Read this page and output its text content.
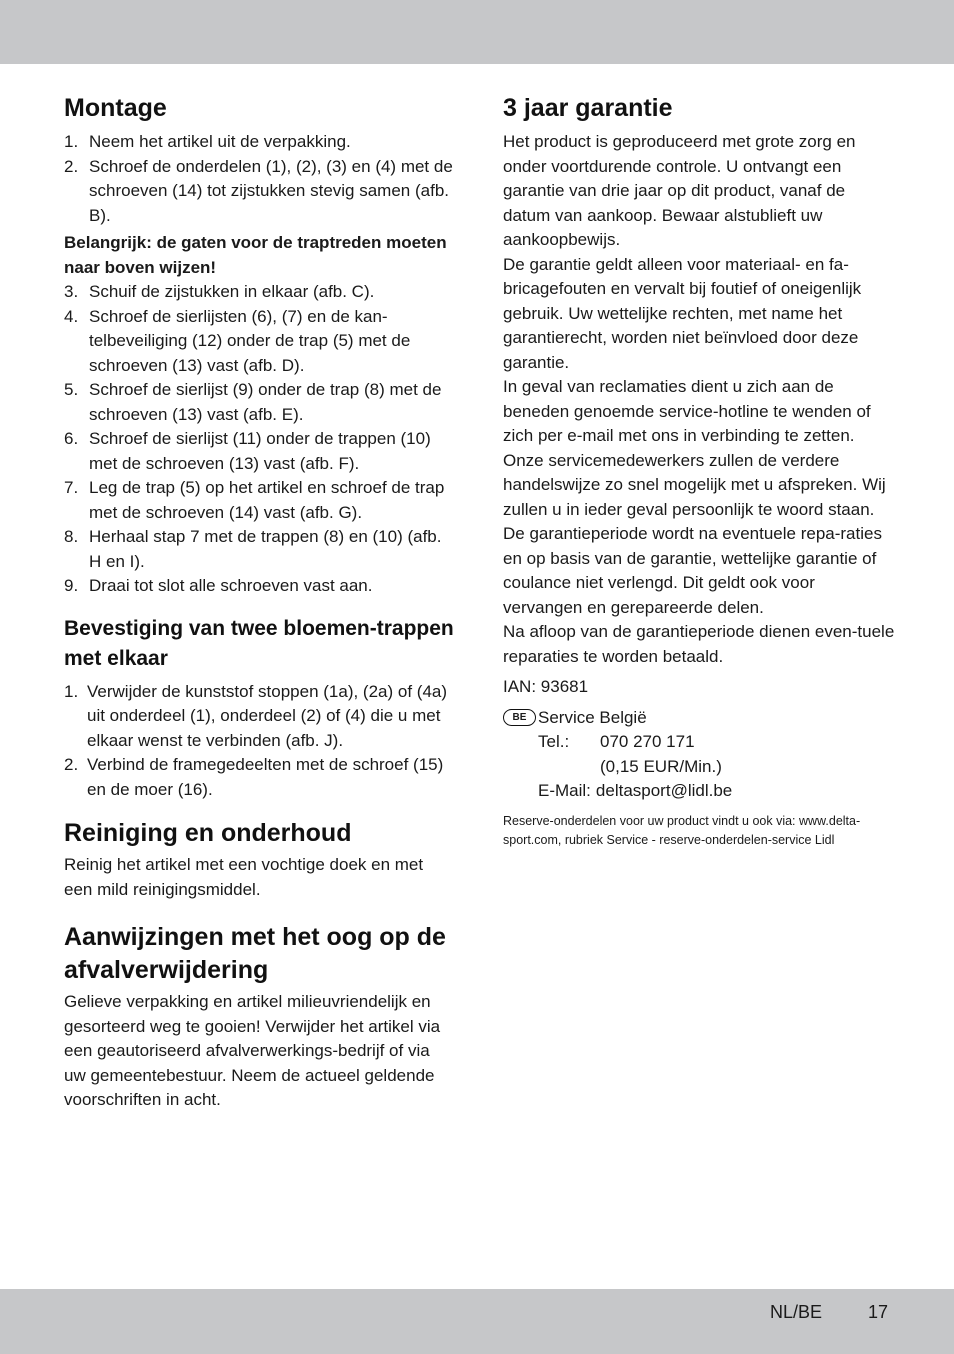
Montage
1. Neem het artikel uit de verpakking.
2. Schroef de onderdelen (1), (2), (3) en (4) met de schroeven (14) tot zijstukken stevig samen (afb. B).
Belangrijk: de gaten voor de traptreden moeten naar boven wijzen!
3. Schuif de zijstukken in elkaar (afb. C).
4. Schroef de sierlijsten (6), (7) en de kan-telbeveiliging (12) onder de trap (5) met de schroeven (13) vast (afb. D).
5. Schroef de sierlijst (9) onder de trap (8) met de schroeven (13) vast (afb. E).
6. Schroef de sierlijst (11) onder de trappen (10) met de schroeven (13) vast (afb. F).
7. Leg de trap (5) op het artikel en schroef de trap met de schroeven (14) vast (afb. G).
8. Herhaal stap 7 met de trappen (8) en (10) (afb. H en I).
9. Draai tot slot alle schroeven vast aan.
Bevestiging van twee bloemen-trappen met elkaar
1. Verwijder de kunststof stoppen (1a), (2a) of (4a) uit onderdeel (1), onderdeel (2) of (4) die u met elkaar wenst te verbinden (afb. J).
2. Verbind de framegedeelten met de schroef (15) en de moer (16).
Reiniging en onderhoud

Reinig het artikel met een vochtige doek en met een mild reinigingsmiddel.

Aanwijzingen met het oog op de afvalverwijdering

Gelieve verpakking en artikel milieuvriendelijk en gesorteerd weg te gooien! Verwijder het artikel via een geautoriseerd afvalverwerkings-bedrijf of via uw gemeentebestuur. Neem de actueel geldende voorschriften in acht.

3 jaar garantie

Het product is geproduceerd met grote zorg en onder voortdurende controle. U ontvangt een garantie van drie jaar op dit product, vanaf de datum van aankoop. Bewaar alstublieft uw aankoopbewijs.

De garantie geldt alleen voor materiaal- en fa-bricagefouten en vervalt bij foutief of oneigenlijk gebruik. Uw wettelijke rechten, met name het garantierecht, worden niet beïnvloed door deze garantie.

In geval van reclamaties dient u zich aan de beneden genoemde service-hotline te wenden of zich per e-mail met ons in verbinding te zetten. Onze servicemedewerkers zullen de verdere handelswijze zo snel mogelijk met u afspreken. Wij zullen u in ieder geval persoonlijk te woord staan.

De garantieperiode wordt na eventuele repa-raties en op basis van de garantie, wettelijke garantie of coulance niet verlengd. Dit geldt ook voor vervangen en gerepareerde delen.

Na afloop van de garantieperiode dienen even-tuele reparaties te worden betaald.

IAN: 93681

BE Service België
Tel.:	070 270 171
(0,15 EUR/Min.)
E-Mail: deltasport@lidl.be

Reserve-onderdelen voor uw product vindt u ook via: www.delta-sport.com, rubriek Service - reserve-onderdelen-service Lidl

NL/BE	17
